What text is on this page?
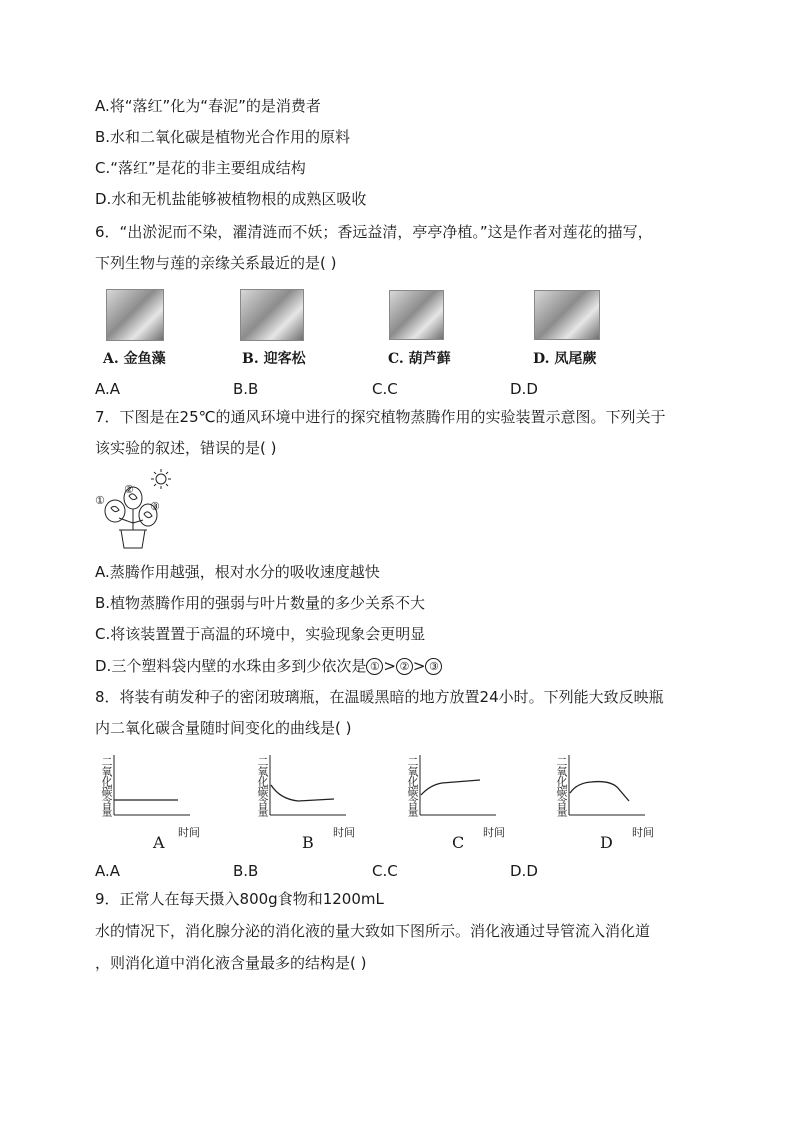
A.将“落红”化为“春泥”的是消费者
B.水和二氧化碳是植物光合作用的原料
C.“落红”是花的非主要组成结构
D.水和无机盐能够被植物根的成熟区吸收
6．“出淤泥而不染，濯清涟而不妖；香远益清，亭亭净植。”这是作者对莲花的描写，
下列生物与莲的亲缘关系最近的是( )
A. 金鱼藻	B. 迎客松	C. 葫芦藓	D. 凤尾蕨
A.A	B.B	C.C	D.D
7．下图是在25℃的通风环境中进行的探究植物蒸腾作用的实验装置示意图。下列关于
该实验的叙述，错误的是( )
①
②
③
A.蒸腾作用越强，根对水分的吸收速度越快
B.植物蒸腾作用的强弱与叶片数量的多少关系不大
C.将该装置置于高温的环境中，实验现象会更明显
D.三个塑料袋内壁的水珠由多到少依次是 ① > ② > ③
8．将装有萌发种子的密闭玻璃瓶，在温暖黑暗的地方放置24小时。下列能大致反映瓶
内二氧化碳含量随时间变化的曲线是( )
二氧化碳含量
时间
A
二氧化碳含量
时间
B
二氧化碳含量
时间
C
二氧化碳含量
时间
D
A.A	B.B	C.C	D.D
9．正常人在每天摄入800g食物和1200mL
水的情况下，消化腺分泌的消化液的量大致如下图所示。消化液通过导管流入消化道
，则消化道中消化液含量最多的结构是( )
